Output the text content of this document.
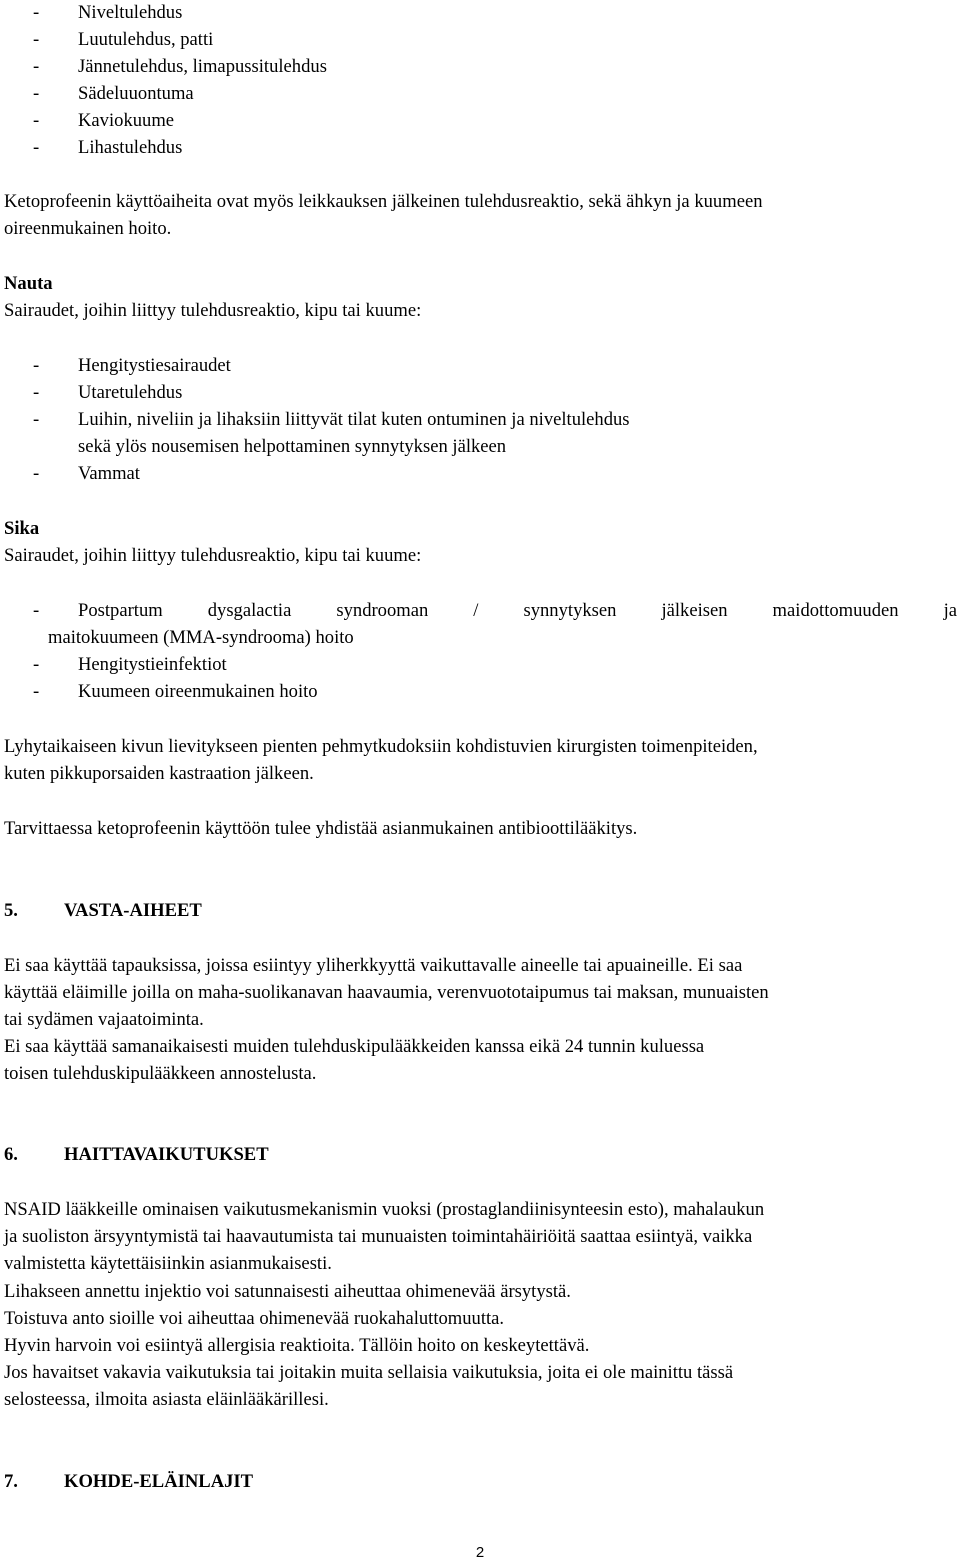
- Niveltulehdus
- Luutulehdus, patti
- Jännetulehdus, limapussitulehdus
- Sädeluuontuma
- Kaviokuume
- Lihastulehdus
Ketoprofeenin käyttöaiheita ovat myös leikkauksen jälkeinen tulehdusreaktio, sekä ähkyn ja kuumeen
oireenmukainen hoito.
Nauta
Sairaudet, joihin liittyy tulehdusreaktio, kipu tai kuume:
- Hengitystiesairaudet
- Utaretulehdus
- Luihin, niveliin ja lihaksiin liittyvät tilat kuten ontuminen ja niveltulehdus
sekä ylös nousemisen helpottaminen synnytyksen jälkeen
- Vammat
Sika
Sairaudet, joihin liittyy tulehdusreaktio, kipu tai kuume:
- Postpartum dysgalactia syndrooman / synnytyksen jälkeisen maidottomuuden ja
maitokuumeen (MMA-syndrooma) hoito
- Hengitystieinfektiot
- Kuumeen oireenmukainen hoito
Lyhytaikaiseen kivun lievitykseen pienten pehmytkudoksiin kohdistuvien kirurgisten toimenpiteiden,
kuten pikkuporsaiden kastraation jälkeen.
Tarvittaessa ketoprofeenin käyttöön tulee yhdistää asianmukainen antibioottilääkitys.
5. VASTA-AIHEET
Ei saa käyttää tapauksissa, joissa esiintyy yliherkkyyttä vaikuttavalle aineelle tai apuaineille. Ei saa
käyttää eläimille joilla on maha-suolikanavan haavaumia, verenvuototaipumus tai maksan, munuaisten
tai sydämen vajaatoiminta.
Ei saa käyttää samanaikaisesti muiden tulehduskipulääkkeiden kanssa eikä 24 tunnin kuluessa
toisen tulehduskipulääkkeen annostelusta.
6. HAITTAVAIKUTUKSET
NSAID lääkkeille ominaisen vaikutusmekanismin vuoksi (prostaglandiinisynteesin esto), mahalaukun
ja suoliston ärsyyntymistä tai haavautumista tai munuaisten toimintahäiriöitä saattaa esiintyä, vaikka
valmistetta käytettäisiinkin asianmukaisesti.
Lihakseen annettu injektio voi satunnaisesti aiheuttaa ohimenevää ärsytystä.
Toistuva anto sioille voi aiheuttaa ohimenevää ruokahaluttomuutta.
Hyvin harvoin voi esiintyä allergisia reaktioita. Tällöin hoito on keskeytettävä.
Jos havaitset vakavia vaikutuksia tai joitakin muita sellaisia vaikutuksia, joita ei ole mainittu tässä
selosteessa, ilmoita asiasta eläinlääkärillesi.
7. KOHDE-ELÄINLAJIT
2
